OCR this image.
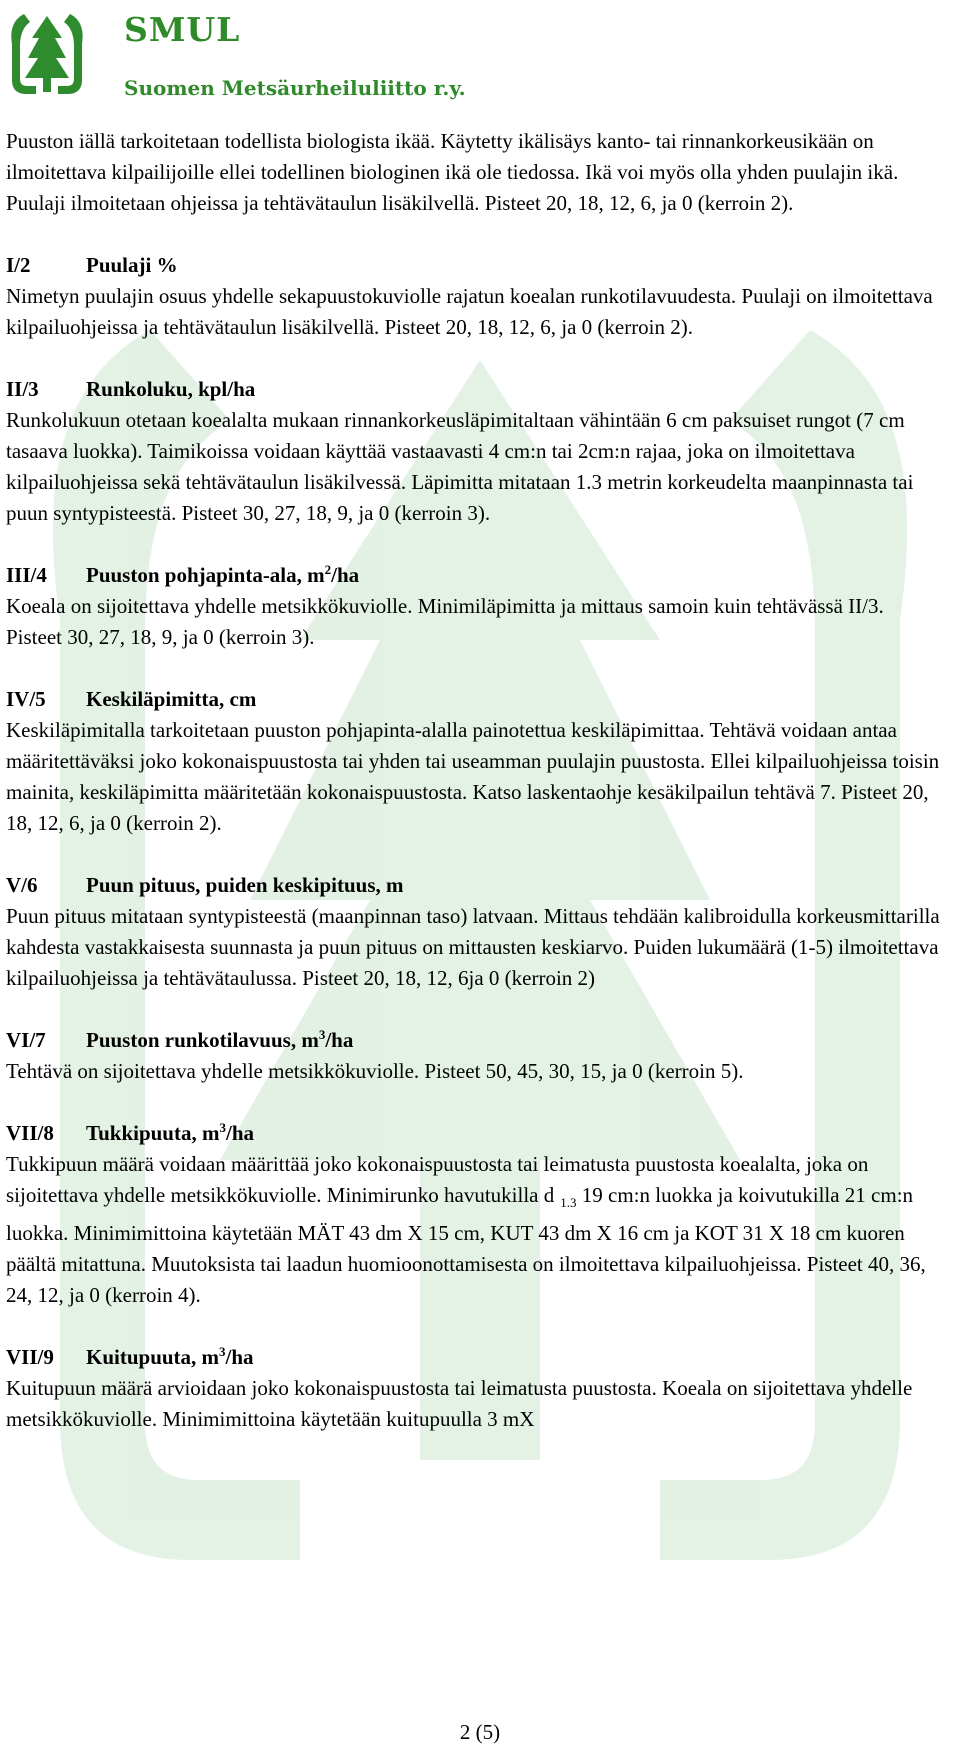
SMUL
Suomen Metsäurheiluliitto r.y.

Puuston iällä tarkoitetaan todellista biologista ikää. Käytetty ikälisäys kanto- tai rinnankorkeusikään on ilmoitettava kilpailijoille ellei todellinen biologinen ikä ole tiedossa. Ikä voi myös olla yhden puulajin ikä. Puulaji ilmoitetaan ohjeissa ja tehtävätaulun lisäkilvellä. Pisteet 20, 18, 12, 6, ja 0 (kerroin 2).

I/2	Puulaji %
Nimetyn puulajin osuus yhdelle sekapuustokuviolle rajatun koealan runkotilavuudesta. Puulaji on ilmoitettava kilpailuohjeissa ja tehtävätaulun lisäkilvellä. Pisteet 20, 18, 12, 6, ja 0 (kerroin 2).

II/3 Runkoluku, kpl/ha
Runkolukuun otetaan koealalta mukaan rinnankorkeusläpimitaltaan vähintään 6 cm paksuiset rungot (7 cm tasaava luokka). Taimikoissa voidaan käyttää vastaavasti 4 cm:n tai 2cm:n rajaa, joka on ilmoitettava kilpailuohjeissa sekä tehtävätaulun lisäkilvessä. Läpimitta mitataan 1.3 metrin korkeudelta maanpinnasta tai puun syntypisteestä. Pisteet 30, 27, 18, 9, ja 0 (kerroin 3).

III/4 Puuston pohjapinta-ala, $m^2/ha$
Koeala on sijoitettava yhdelle metsikkökuviolle. Minimiläpimitta ja mittaus samoin kuin tehtävässä II/3. Pisteet 30, 27, 18, 9, ja 0 (kerroin 3).

IV/5 Keskiläpimitta, cm
Keskiläpimitalla tarkoitetaan puuston pohjapinta-alalla painotettua keskiläpimittaa. Tehtävä voidaan antaa määritettäväksi joko kokonaispuustosta tai yhden tai useamman puulajin puustosta. Ellei kilpailuohjeissa toisin mainita, keskiläpimitta määritetään kokonaispuustosta. Katso laskentaohje kesäkilpailun tehtävä 7. Pisteet 20, 18, 12, 6, ja 0 (kerroin 2).

V/6 Puun pituus, puiden keskipituus, m
Puun pituus mitataan syntypisteestä (maanpinnan taso) latvaan. Mittaus tehdään kalibroidulla korkeusmittarilla kahdesta vastakkaisesta suunnasta ja puun pituus on mittausten keskiarvo. Puiden lukumäärä (1-5) ilmoitettava kilpailuohjeissa ja tehtävätaulussa. Pisteet 20, 18, 12, 6ja 0 (kerroin 2)

VI/7 Puuston runkotilavuus, $m^3/ha$
Tehtävä on sijoitettava yhdelle metsikkökuviolle. Pisteet 50, 45, 30, 15, ja 0 (kerroin 5).

VII/8 Tukkipuuta, $m^3/ha$
Tukkipuun määrä voidaan määrittää joko kokonaispuustosta tai leimatusta puustosta koealalta, joka on sijoitettava yhdelle metsikkökuviolle. Minimirunko havutukilla d $_{1.3}$ 19 cm:n luokka ja koivutukilla 21 cm:n luokka. Minimimittoina käytetään MÄT 43 dm X 15 cm, KUT 43 dm X 16 cm ja KOT 31 X 18 cm kuoren päältä mitattuna. Muutoksista tai laadun huomioonottamisesta on ilmoitettava kilpailuohjeissa. Pisteet 40, 36, 24, 12, ja 0 (kerroin 4).

VII/9 Kuitupuuta, $m^3/ha$
Kuitupuun määrä arvioidaan joko kokonaispuustosta tai leimatusta puustosta. Koeala on sijoitettava yhdelle metsikkökuviolle. Minimimittoina käytetään kuitupuulla 3 mX

2 (5)
